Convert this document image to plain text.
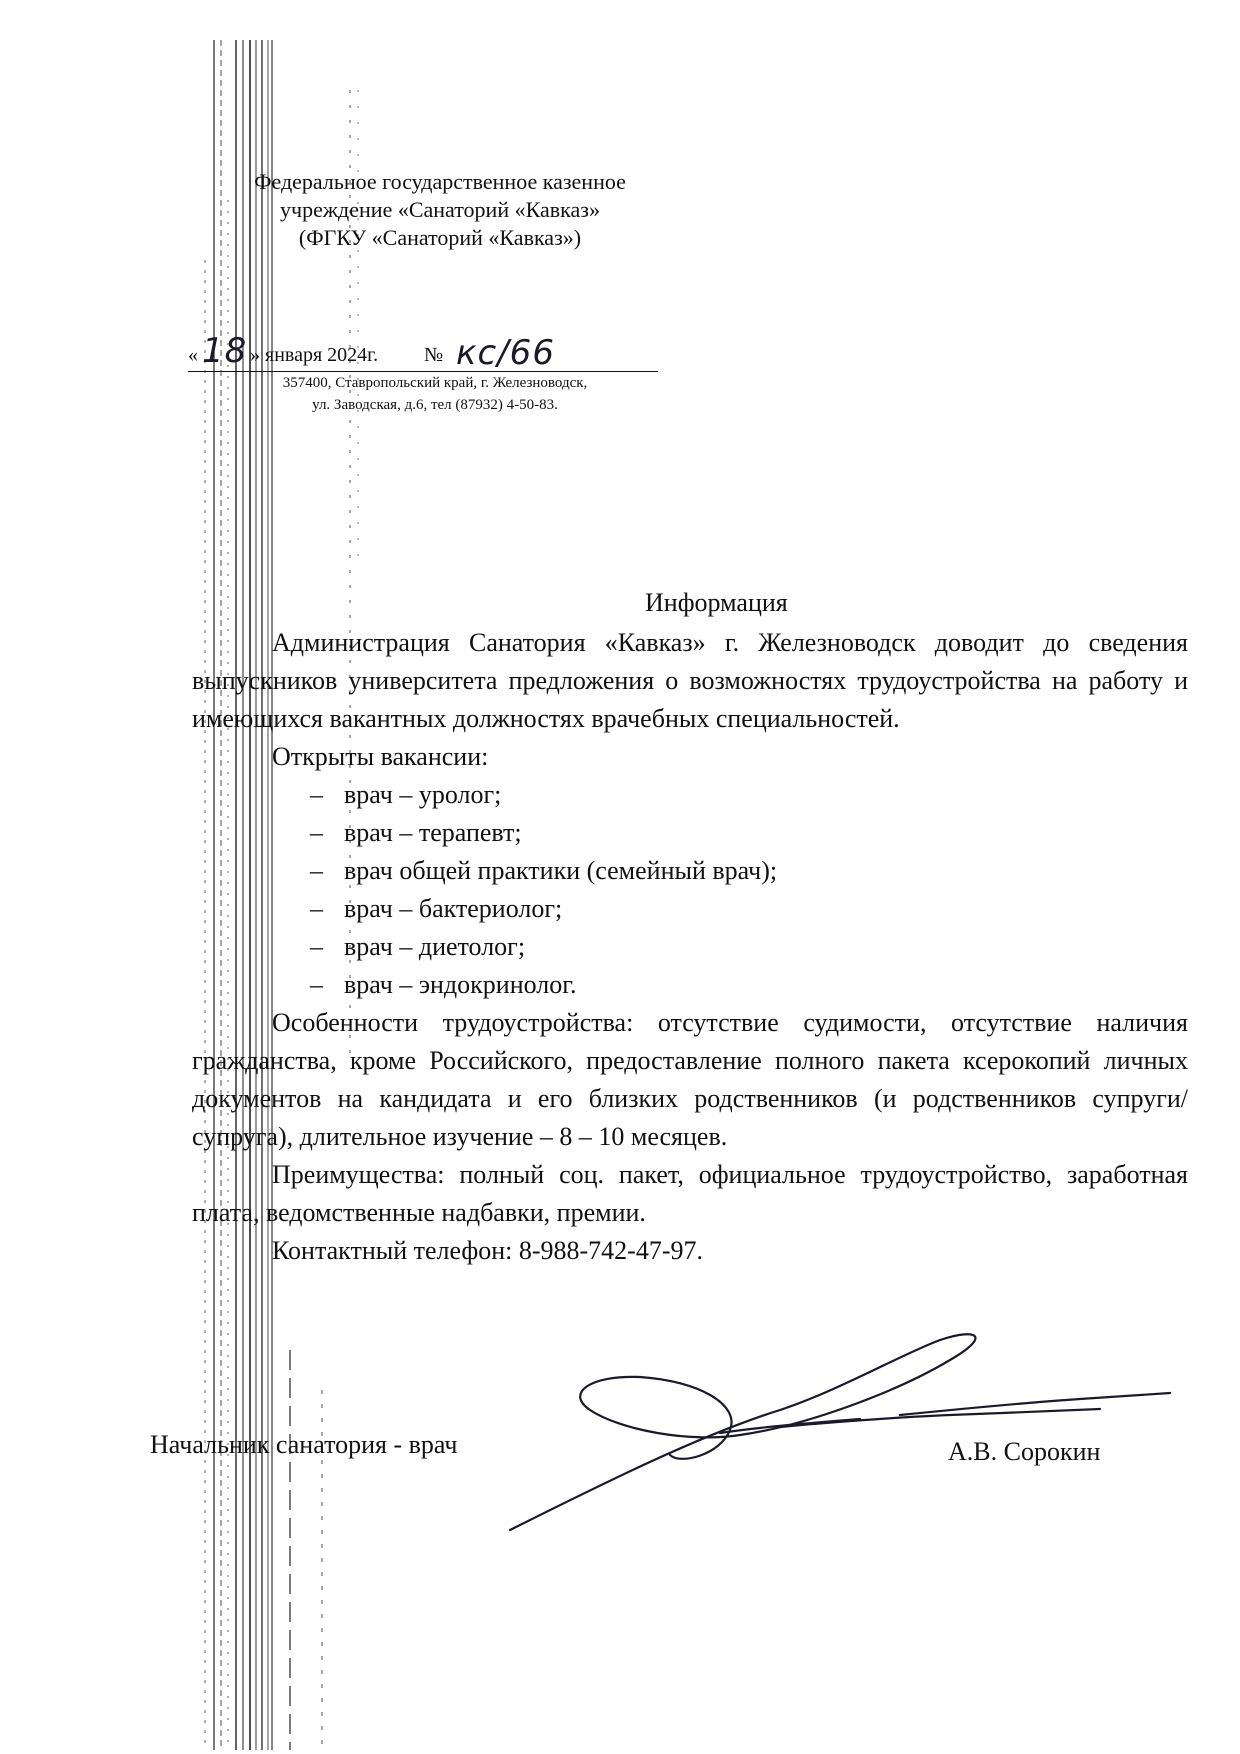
Федеральное государственное казенное
учреждение «Санаторий «Кавказ»
(ФГКУ «Санаторий «Кавказ»)
« 18 » января 2024г. № кс/66
357400, Ставропольский край, г. Железноводск,
ул. Заводская, д.6, тел (87932) 4-50-83.
Информация

Администрация Санатория «Кавказ» г. Железноводск доводит до сведения выпускников университета предложения о возможностях трудоустройства на работу и имеющихся вакантных должностях врачебных специальностей.

Открыты вакансии:

– врач – уролог;
– врач – терапевт;
– врач общей практики (семейный врач);
– врач – бактериолог;
– врач – диетолог;
– врач – эндокринолог.

Особенности трудоустройства: отсутствие судимости, отсутствие наличия гражданства, кроме Российского, предоставление полного пакета ксерокопий личных документов на кандидата и его близких родственников (и родственников супруги/супруга), длительное изучение – 8 – 10 месяцев.

Преимущества: полный соц. пакет, официальное трудоустройство, заработная плата, ведомственные надбавки, премии.

Контактный телефон: 8-988-742-47-97.

Начальник санатория - врач	А.В. Сорокин
